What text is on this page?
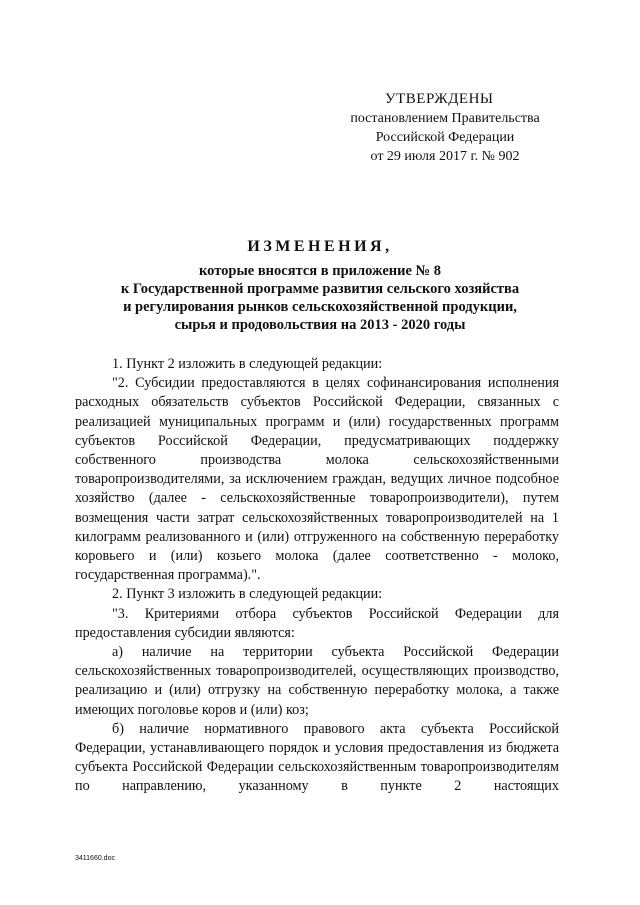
УТВЕРЖДЕНЫ
постановлением Правительства
Российской Федерации
от 29 июля 2017 г. № 902
ИЗМЕНЕНИЯ,
которые вносятся в приложение № 8
к Государственной программе развития сельского хозяйства
и регулирования рынков сельскохозяйственной продукции,
сырья и продовольствия на 2013 - 2020 годы

1. Пункт 2 изложить в следующей редакции:

"2. Субсидии предоставляются в целях софинансирования исполнения расходных обязательств субъектов Российской Федерации, связанных с реализацией муниципальных программ и (или) государственных программ субъектов Российской Федерации, предусматривающих поддержку собственного производства молока сельскохозяйственными товаропроизводителями, за исключением граждан, ведущих личное подсобное хозяйство (далее - сельскохозяйственные товаропроизводители), путем возмещения части затрат сельскохозяйственных товаропроизводителей на 1 килограмм реализованного и (или) отгруженного на собственную переработку коровьего и (или) козьего молока (далее соответственно - молоко, государственная программа).".

2. Пункт 3 изложить в следующей редакции:

"3. Критериями отбора субъектов Российской Федерации для предоставления субсидии являются:

а) наличие на территории субъекта Российской Федерации сельскохозяйственных товаропроизводителей, осуществляющих производство, реализацию и (или) отгрузку на собственную переработку молока, а также имеющих поголовье коров и (или) коз;

б) наличие нормативного правового акта субъекта Российской Федерации, устанавливающего порядок и условия предоставления из бюджета субъекта Российской Федерации сельскохозяйственным товаропроизводителям по направлению, указанному в пункте 2 настоящих

3411660.doc
